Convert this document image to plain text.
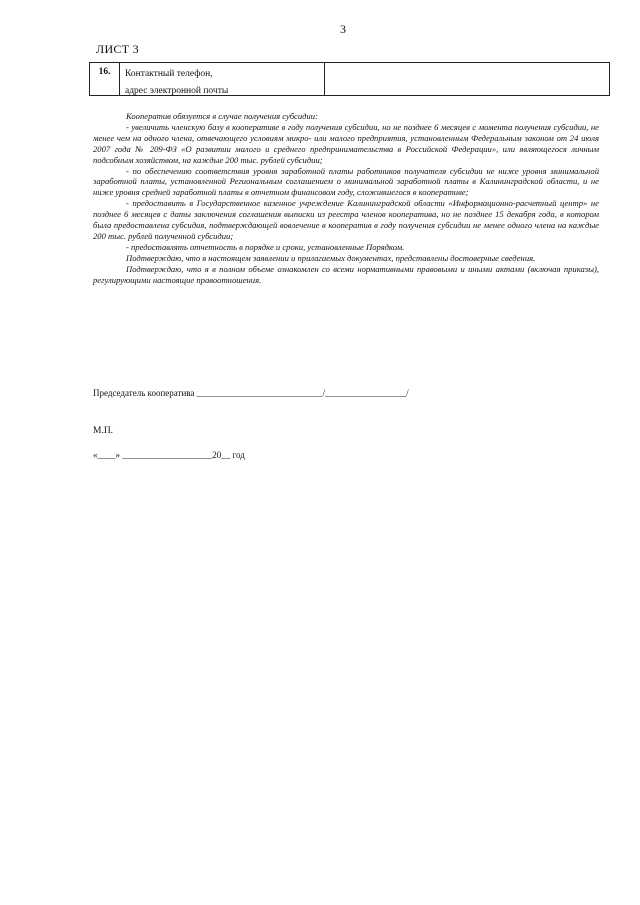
3
ЛИСТ 3
16.	Контактный телефон,
адрес электронной почты

Кооператив обязуется в случае получения субсидии:

- увеличить членскую базу в кооперативе в году получения субсидии, но не позднее 6 месяцев с момента получения субсидии, не менее чем на одного члена, отвечающего условиям микро- или малого предприятия, установленным Федеральным законом от 24 июля 2007 года № 209-ФЗ «О развитии малого и среднего предпринимательства в Российской Федерации», или являющегося личным подсобным хозяйством, на каждые 200 тыс. рублей субсидии;

- по обеспечению соответствия уровня заработной платы работников получателя субсидии не ниже уровня минимальной заработной платы, установленной Региональным соглашением о минимальной заработной платы в Калининградской области, и не ниже уровня средней заработной платы в отчетном финансовом году, сложившегося в кооперативе;

- предоставить в Государственное казенное учреждение Калининградской области «Информационно-расчетный центр» не позднее 6 месяцев с даты заключения соглашения выписки из реестра членов кооператива, но не позднее 15 декабря года, в котором была предоставлена субсидия, подтверждающей вовлечение в кооператив в году получения субсидии не менее одного члена на каждые 200 тыс. рублей полученной субсидии;

- предоставлять отчетность в порядке и сроки, установленные Порядком.

Подтверждаю, что в настоящем заявлении и прилагаемых документах, представлены достоверные сведения.

Подтверждаю, что я в полном объеме ознакомлен со всеми нормативными правовыми и иными актами (включая приказы), регулирующими настоящие правоотношения.

Председатель кооператива ____________________________/__________________/
М.П.
«____» ____________________20__ год
